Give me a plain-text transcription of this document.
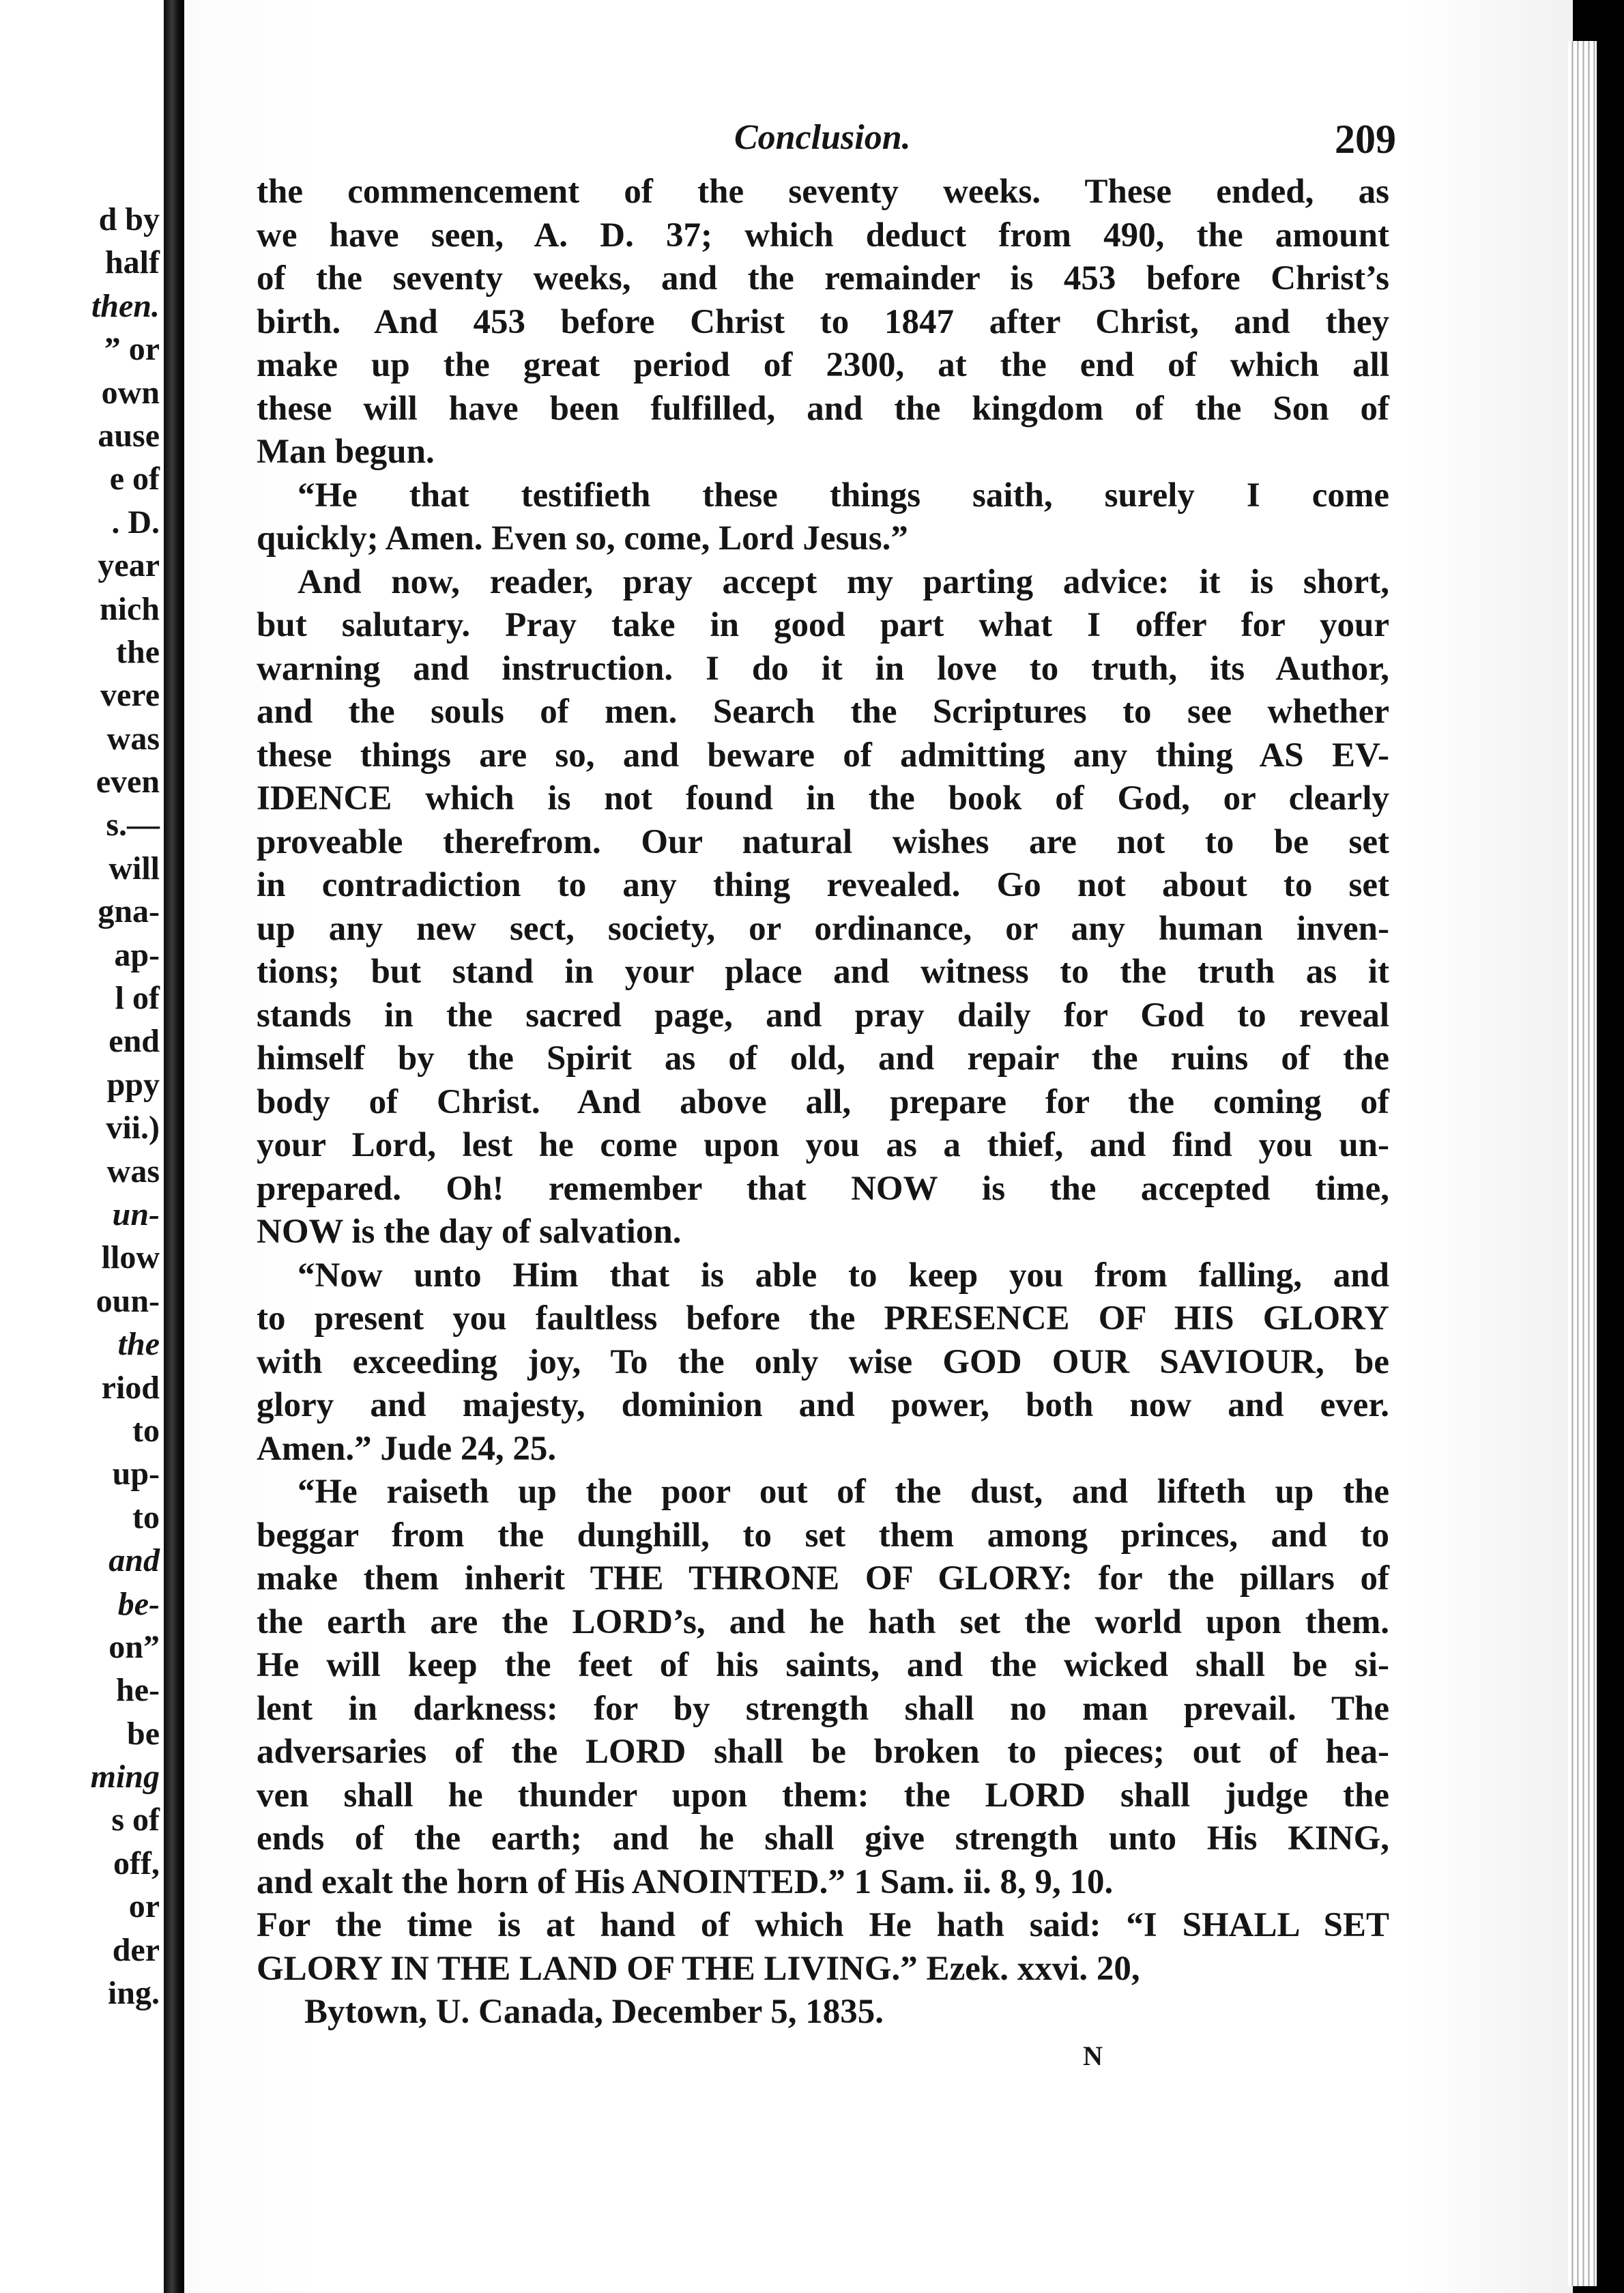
d by
half
then.
” or
own
ause
e of
. D.
year
nich
the
vere
was
even
s.—
will
gna-
ap-
l of
end
ppy
vii.)
was
un-
llow
oun-
the
riod
to
up-
to
and
be-
on”
he-
be
ming
s of
off,
or
der
ing.
Conclusion.	209
the commencement of the seventy weeks. These ended, as
we have seen, A. D. 37; which deduct from 490, the amount
of the seventy weeks, and the remainder is 453 before Christ’s
birth. And 453 before Christ to 1847 after Christ, and they
make up the great period of 2300, at the end of which all
these will have been fulfilled, and the kingdom of the Son of
Man begun.
“He that testifieth these things saith, surely I come
quickly; Amen. Even so, come, Lord Jesus.”
And now, reader, pray accept my parting advice: it is short,
but salutary. Pray take in good part what I offer for your
warning and instruction. I do it in love to truth, its Author,
and the souls of men. Search the Scriptures to see whether
these things are so, and beware of admitting any thing AS EV-
IDENCE which is not found in the book of God, or clearly
proveable therefrom. Our natural wishes are not to be set
in contradiction to any thing revealed. Go not about to set
up any new sect, society, or ordinance, or any human inven-
tions; but stand in your place and witness to the truth as it
stands in the sacred page, and pray daily for God to reveal
himself by the Spirit as of old, and repair the ruins of the
body of Christ. And above all, prepare for the coming of
your Lord, lest he come upon you as a thief, and find you un-
prepared. Oh! remember that NOW is the accepted time,
NOW is the day of salvation.
“Now unto Him that is able to keep you from falling, and
to present you faultless before the PRESENCE OF HIS GLORY
with exceeding joy, To the only wise GOD OUR SAVIOUR, be
glory and majesty, dominion and power, both now and ever.
Amen.” Jude 24, 25.
“He raiseth up the poor out of the dust, and lifteth up the
beggar from the dunghill, to set them among princes, and to
make them inherit THE THRONE OF GLORY: for the pillars of
the earth are the LORD’s, and he hath set the world upon them.
He will keep the feet of his saints, and the wicked shall be si-
lent in darkness: for by strength shall no man prevail. The
adversaries of the LORD shall be broken to pieces; out of hea-
ven shall he thunder upon them: the LORD shall judge the
ends of the earth; and he shall give strength unto His KING,
and exalt the horn of His ANOINTED.” 1 Sam. ii. 8, 9, 10.
For the time is at hand of which He hath said: “I SHALL SET
GLORY IN THE LAND OF THE LIVING.” Ezek. xxvi. 20,
Bytown, U. Canada, December 5, 1835.
N
